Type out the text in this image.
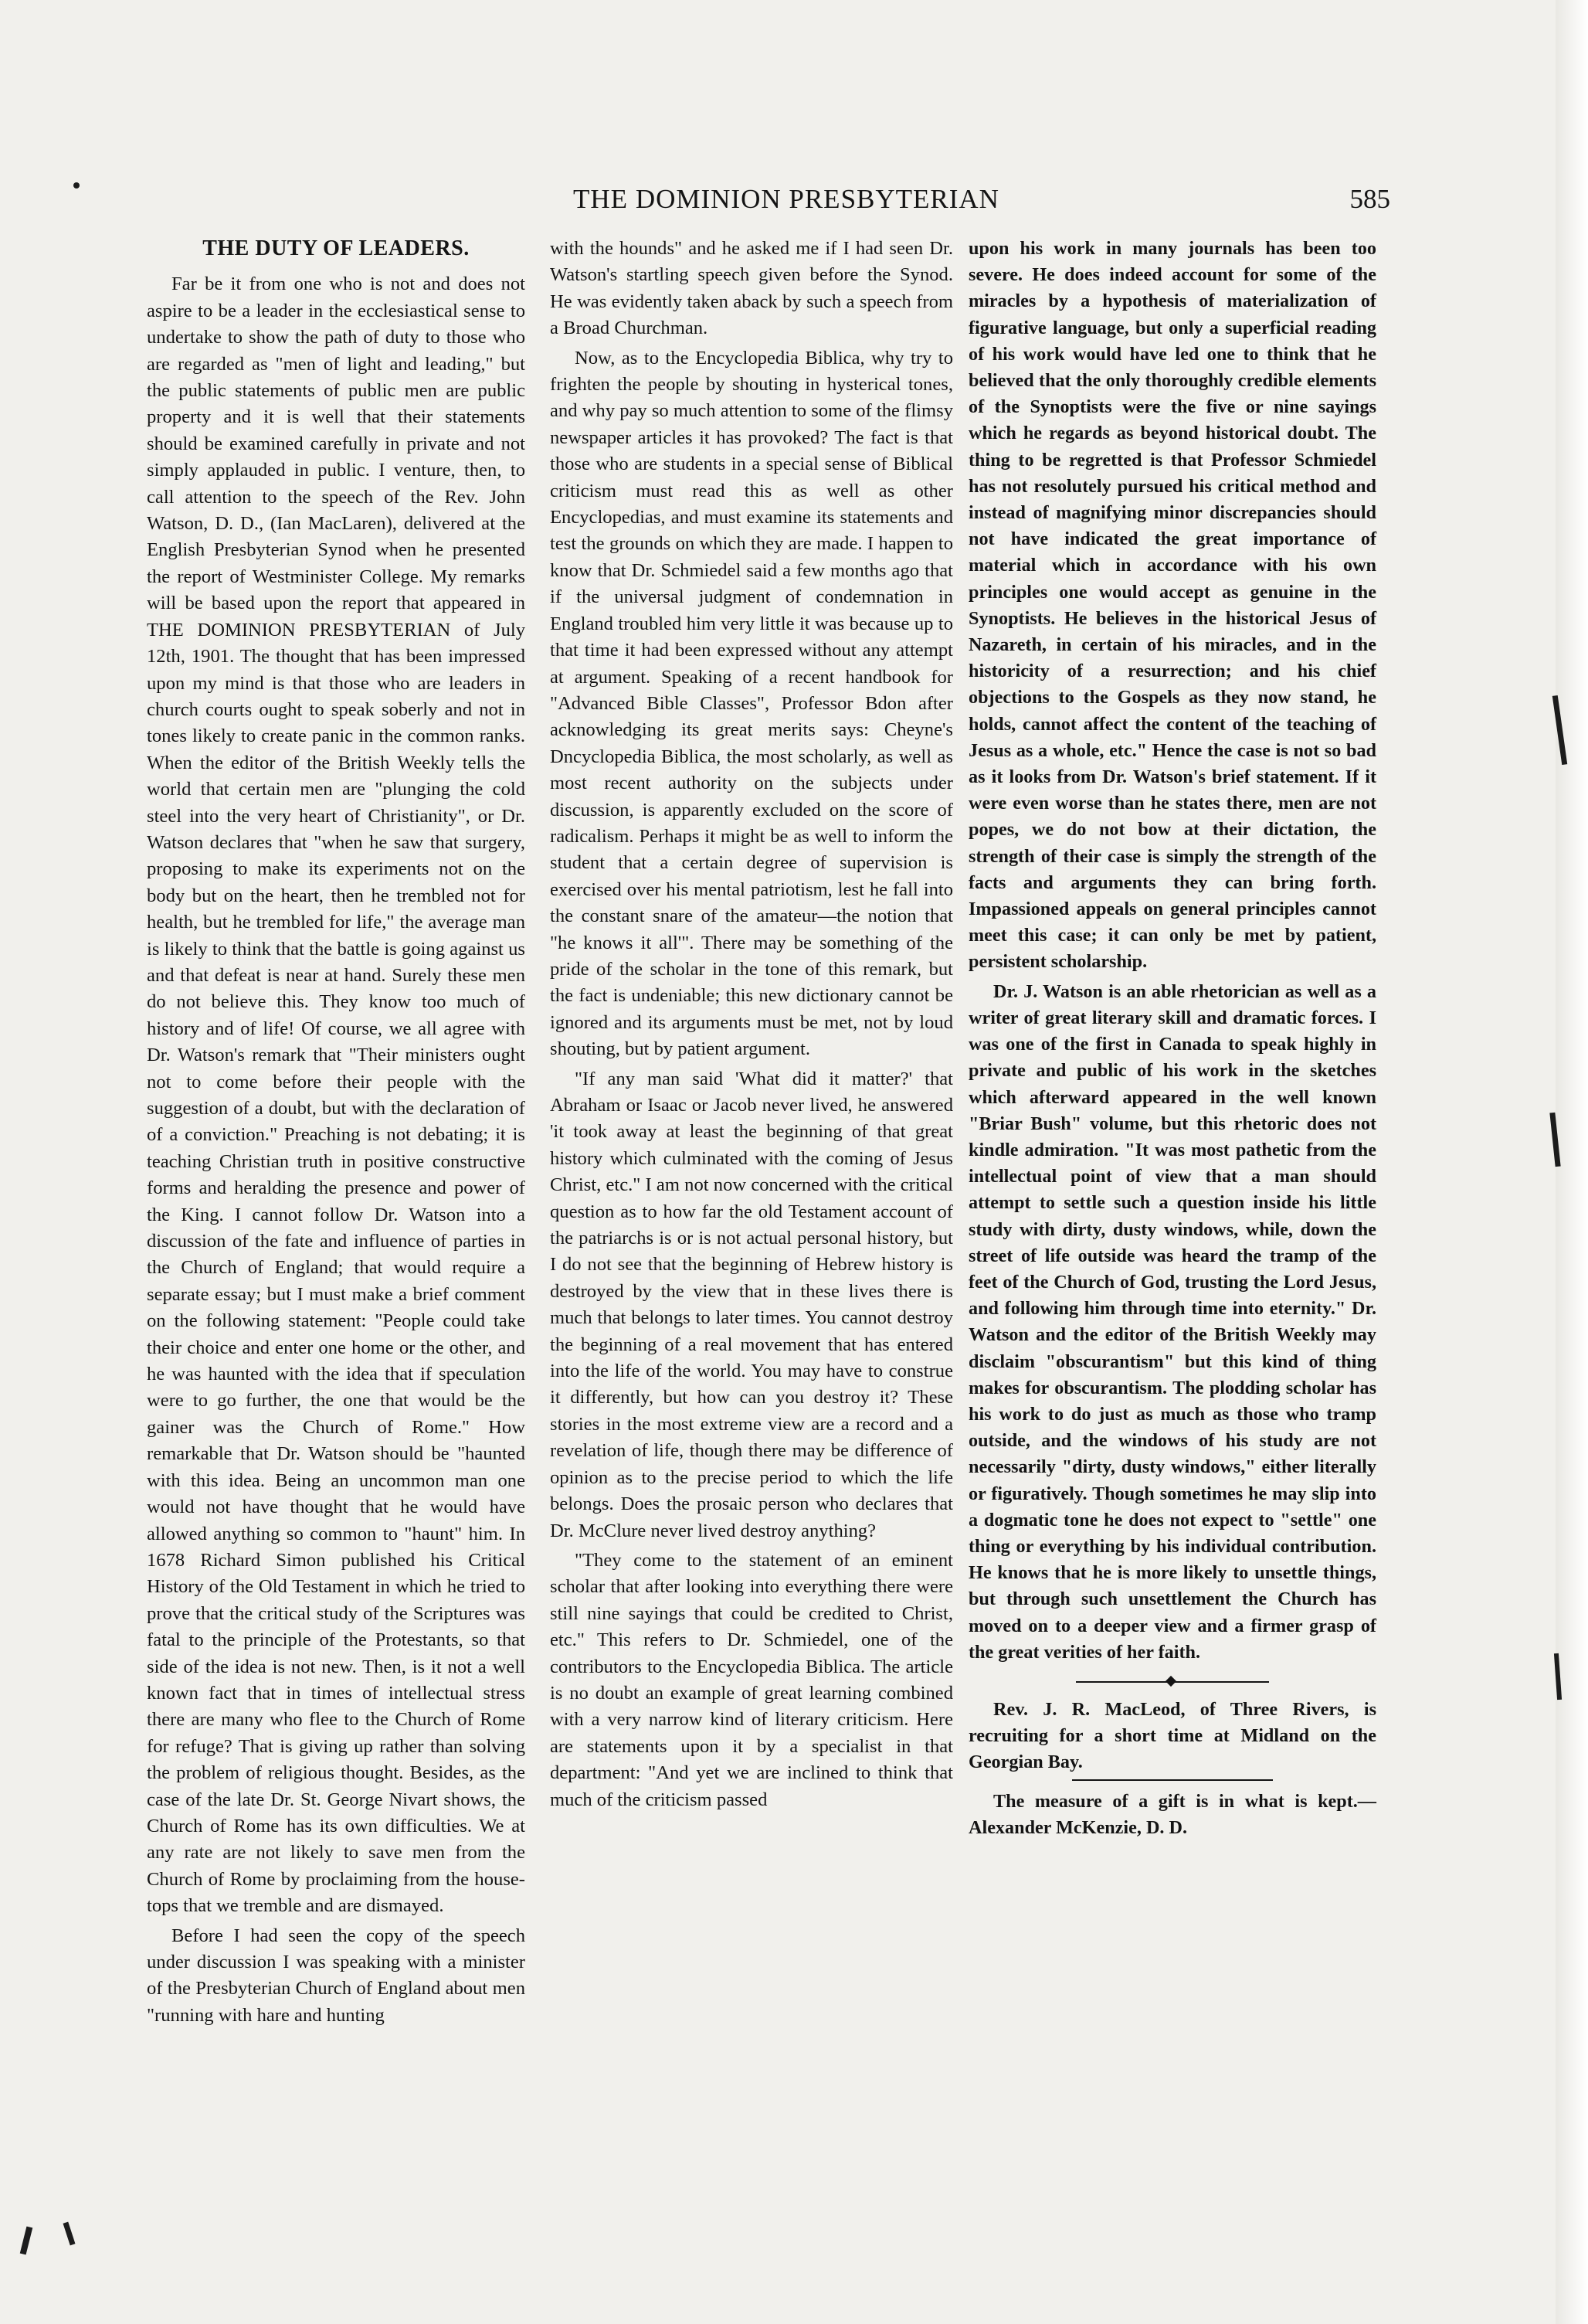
THE DOMINION PRESBYTERIAN	585
THE DUTY OF LEADERS.

Far be it from one who is not and does not aspire to be a leader in the ecclesiastical sense to undertake to show the path of duty to those who are regarded as "men of light and leading," but the public statements of public men are public property and it is well that their statements should be examined carefully in private and not simply applauded in public. I venture, then, to call attention to the speech of the Rev. John Watson, D. D., (Ian MacLaren), delivered at the English Presbyterian Synod when he presented the report of Westminister College. My remarks will be based upon the report that appeared in THE DOMINION PRESBYTERIAN of July 12th, 1901. The thought that has been impressed upon my mind is that those who are leaders in church courts ought to speak soberly and not in tones likely to create panic in the common ranks. When the editor of the British Weekly tells the world that certain men are "plunging the cold steel into the very heart of Christianity", or Dr. Watson declares that "when he saw that surgery, proposing to make its experiments not on the body but on the heart, then he trembled not for health, but he trembled for life," the average man is likely to think that the battle is going against us and that defeat is near at hand. Surely these men do not believe this. They know too much of history and of life! Of course, we all agree with Dr. Watson's remark that "Their ministers ought not to come before their people with the suggestion of a doubt, but with the declaration of of a conviction." Preaching is not debating; it is teaching Christian truth in positive constructive forms and heralding the presence and power of the King. I cannot follow Dr. Watson into a discussion of the fate and influence of parties in the Church of England; that would require a separate essay; but I must make a brief comment on the following statement: "People could take their choice and enter one home or the other, and he was haunted with the idea that if speculation were to go further, the one that would be the gainer was the Church of Rome." How remarkable that Dr. Watson should be "haunted with this idea. Being an uncommon man one would not have thought that he would have allowed anything so common to "haunt" him. In 1678 Richard Simon published his Critical History of the Old Testament in which he tried to prove that the critical study of the Scriptures was fatal to the principle of the Protestants, so that side of the idea is not new. Then, is it not a well known fact that in times of intellectual stress there are many who flee to the Church of Rome for refuge? That is giving up rather than solving the problem of religious thought. Besides, as the case of the late Dr. St. George Nivart shows, the Church of Rome has its own difficulties. We at any rate are not likely to save men from the Church of Rome by proclaiming from the house-tops that we tremble and are dismayed.

Before I had seen the copy of the speech under discussion I was speaking with a minister of the Presbyterian Church of England about men "running with hare and hunting

with the hounds" and he asked me if I had seen Dr. Watson's startling speech given before the Synod. He was evidently taken aback by such a speech from a Broad Churchman.

Now, as to the Encyclopedia Biblica, why try to frighten the people by shouting in hysterical tones, and why pay so much attention to some of the flimsy newspaper articles it has provoked? The fact is that those who are students in a special sense of Biblical criticism must read this as well as other Encyclopedias, and must examine its statements and test the grounds on which they are made. I happen to know that Dr. Schmiedel said a few months ago that if the universal judgment of condemnation in England troubled him very little it was because up to that time it had been expressed without any attempt at argument. Speaking of a recent handbook for "Advanced Bible Classes", Professor Bdon after acknowledging its great merits says: Cheyne's Dncyclopedia Biblica, the most scholarly, as well as most recent authority on the subjects under discussion, is apparently excluded on the score of radicalism. Perhaps it might be as well to inform the student that a certain degree of supervision is exercised over his mental patriotism, lest he fall into the constant snare of the amateur—the notion that "he knows it all'". There may be something of the pride of the scholar in the tone of this remark, but the fact is undeniable; this new dictionary cannot be ignored and its arguments must be met, not by loud shouting, but by patient argument.

"If any man said 'What did it matter?' that Abraham or Isaac or Jacob never lived, he answered 'it took away at least the beginning of that great history which culminated with the coming of Jesus Christ, etc." I am not now concerned with the critical question as to how far the old Testament account of the patriarchs is or is not actual personal history, but I do not see that the beginning of Hebrew history is destroyed by the view that in these lives there is much that belongs to later times. You cannot destroy the beginning of a real movement that has entered into the life of the world. You may have to construe it differently, but how can you destroy it? These stories in the most extreme view are a record and a revelation of life, though there may be difference of opinion as to the precise period to which the life belongs. Does the prosaic person who declares that Dr. McClure never lived destroy anything?

"They come to the statement of an eminent scholar that after looking into everything there were still nine sayings that could be credited to Christ, etc." This refers to Dr. Schmiedel, one of the contributors to the Encyclopedia Biblica. The article is no doubt an example of great learning combined with a very narrow kind of literary criticism. Here are statements upon it by a specialist in that department: "And yet we are inclined to think that much of the criticism passed

upon his work in many journals has been too severe. He does indeed account for some of the miracles by a hypothesis of materialization of figurative language, but only a superficial reading of his work would have led one to think that he believed that the only thoroughly credible elements of the Synoptists were the five or nine sayings which he regards as beyond historical doubt. The thing to be regretted is that Professor Schmiedel has not resolutely pursued his critical method and instead of magnifying minor discrepancies should not have indicated the great importance of material which in accordance with his own principles one would accept as genuine in the Synoptists. He believes in the historical Jesus of Nazareth, in certain of his miracles, and in the historicity of a resurrection; and his chief objections to the Gospels as they now stand, he holds, cannot affect the content of the teaching of Jesus as a whole, etc." Hence the case is not so bad as it looks from Dr. Watson's brief statement. If it were even worse than he states there, men are not popes, we do not bow at their dictation, the strength of their case is simply the strength of the facts and arguments they can bring forth. Impassioned appeals on general principles cannot meet this case; it can only be met by patient, persistent scholarship.

Dr. J. Watson is an able rhetorician as well as a writer of great literary skill and dramatic forces. I was one of the first in Canada to speak highly in private and public of his work in the sketches which afterward appeared in the well known "Briar Bush" volume, but this rhetoric does not kindle admiration. "It was most pathetic from the intellectual point of view that a man should attempt to settle such a question inside his little study with dirty, dusty windows, while, down the street of life outside was heard the tramp of the feet of the Church of God, trusting the Lord Jesus, and following him through time into eternity." Dr. Watson and the editor of the British Weekly may disclaim "obscurantism" but this kind of thing makes for obscurantism. The plodding scholar has his work to do just as much as those who tramp outside, and the windows of his study are not necessarily "dirty, dusty windows," either literally or figuratively. Though sometimes he may slip into a dogmatic tone he does not expect to "settle" one thing or everything by his individual contribution. He knows that he is more likely to unsettle things, but through such unsettlement the Church has moved on to a deeper view and a firmer grasp of the great verities of her faith.

Rev. J. R. MacLeod, of Three Rivers, is recruiting for a short time at Midland on the Georgian Bay.

The measure of a gift is in what is kept.—Alexander McKenzie, D. D.
